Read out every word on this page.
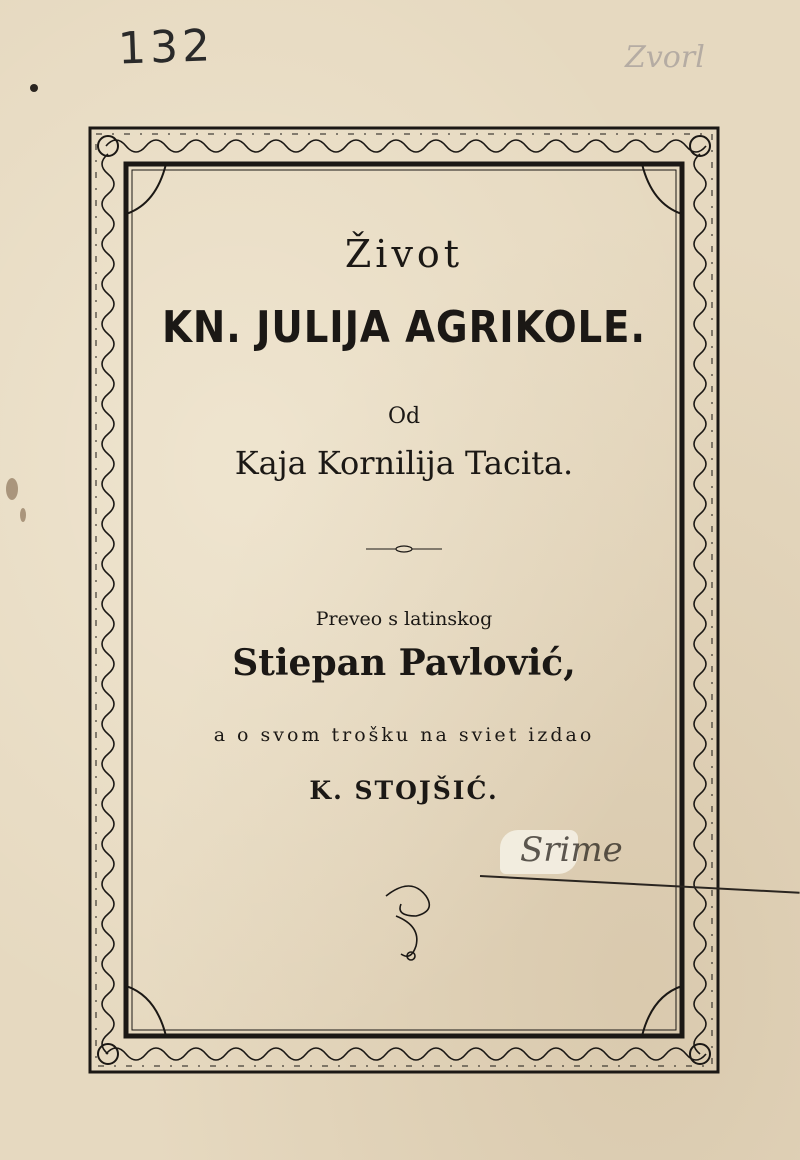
132	Zvorl
Život
KN. JULIJA AGRIKOLE.
Od
Kaja Kornilija Tacita.
Preveo s latinskog
Stiepan Pavlović,
a o svom trošku na sviet izdao
K. STOJŠIĆ.
Srime
